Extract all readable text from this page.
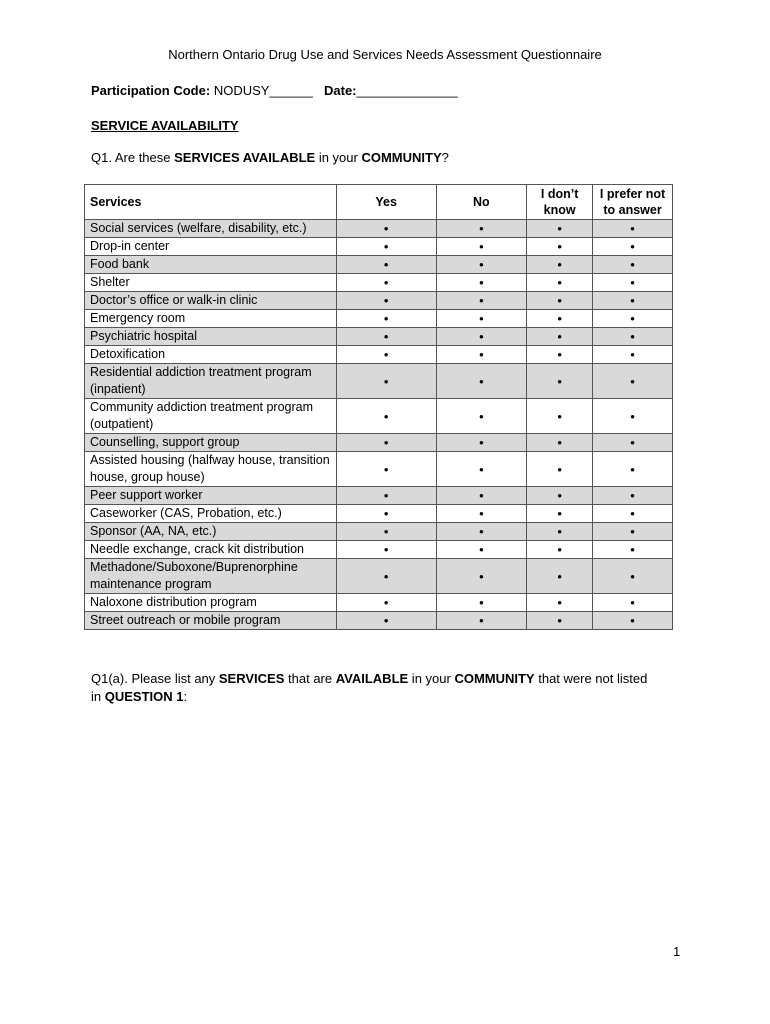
Northern Ontario Drug Use and Services Needs Assessment Questionnaire
Participation Code: NODUSY______ Date:______________
SERVICE AVAILABILITY
Q1. Are these SERVICES AVAILABLE in your COMMUNITY?
Services	Yes	No	I don’t know	I prefer not to answer
Social services (welfare, disability, etc.)	•	•	•	•
Drop-in center	•	•	•	•
Food bank	•	•	•	•
Shelter	•	•	•	•
Doctor’s office or walk-in clinic	•	•	•	•
Emergency room	•	•	•	•
Psychiatric hospital	•	•	•	•
Detoxification	•	•	•	•
Residential addiction treatment program (inpatient)	•	•	•	•
Community addiction treatment program (outpatient)	•	•	•	•
Counselling, support group	•	•	•	•
Assisted housing (halfway house, transition house, group house)	•	•	•	•
Peer support worker	•	•	•	•
Caseworker (CAS, Probation, etc.)	•	•	•	•
Sponsor (AA, NA, etc.)	•	•	•	•
Needle exchange, crack kit distribution	•	•	•	•
Methadone/Suboxone/Buprenorphine maintenance program	•	•	•	•
Naloxone distribution program	•	•	•	•
Street outreach or mobile program	•	•	•	•
Q1(a). Please list any SERVICES that are AVAILABLE in your COMMUNITY that were not listed in QUESTION 1:
1
